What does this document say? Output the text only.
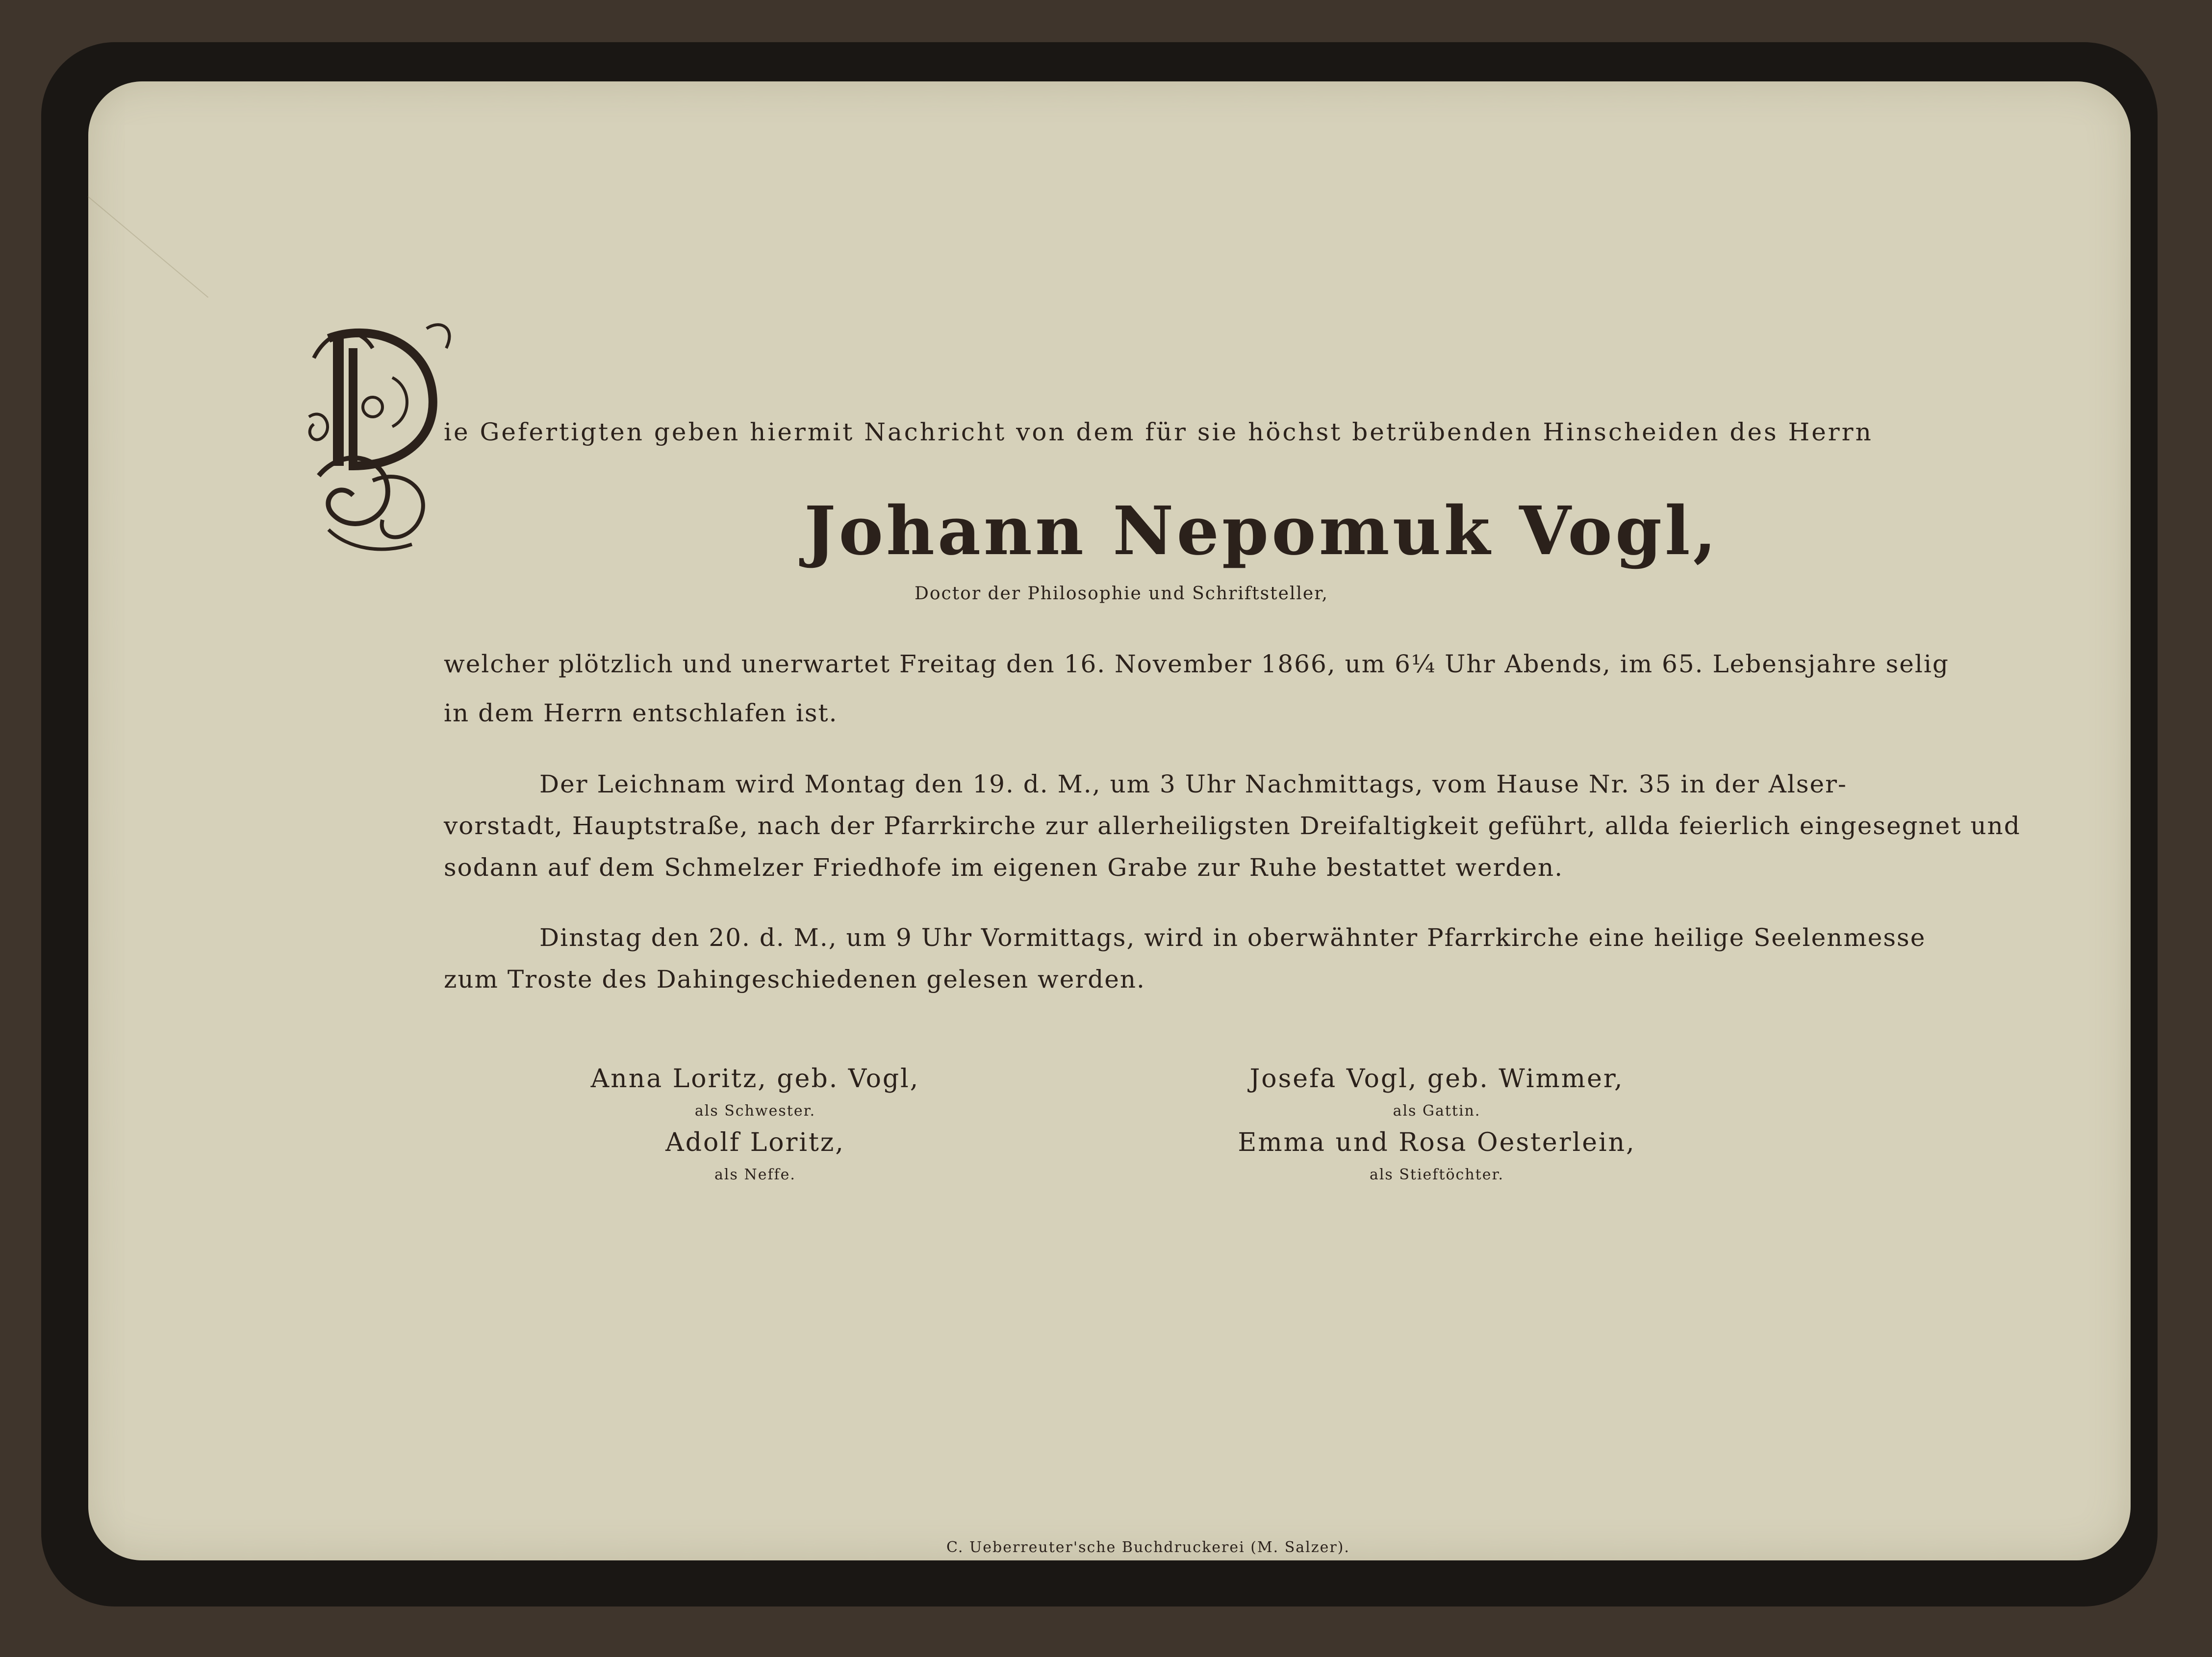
ie Gefertigten geben hiermit Nachricht von dem für sie höchst betrübenden Hinscheiden des Herrn
Johann Nepomuk Vogl,
Doctor der Philosophie und Schriftsteller,
welcher plötzlich und unerwartet Freitag den 16. November 1866, um 6¼ Uhr Abends, im 65. Lebensjahre selig
in dem Herrn entschlafen ist.
Der Leichnam wird Montag den 19. d. M., um 3 Uhr Nachmittags, vom Hause Nr. 35 in der Alser-
vorstadt, Hauptstraße, nach der Pfarrkirche zur allerheiligsten Dreifaltigkeit geführt, allda feierlich eingesegnet und
sodann auf dem Schmelzer Friedhofe im eigenen Grabe zur Ruhe bestattet werden.
Dinstag den 20. d. M., um 9 Uhr Vormittags, wird in oberwähnter Pfarrkirche eine heilige Seelenmesse
zum Troste des Dahingeschiedenen gelesen werden.
Anna Loritz, geb. Vogl,
als Schwester.
Adolf Loritz,
als Neffe.
Josefa Vogl, geb. Wimmer,
als Gattin.
Emma und Rosa Oesterlein,
als Stieftöchter.
C. Ueberreuter'sche Buchdruckerei (M. Salzer).
